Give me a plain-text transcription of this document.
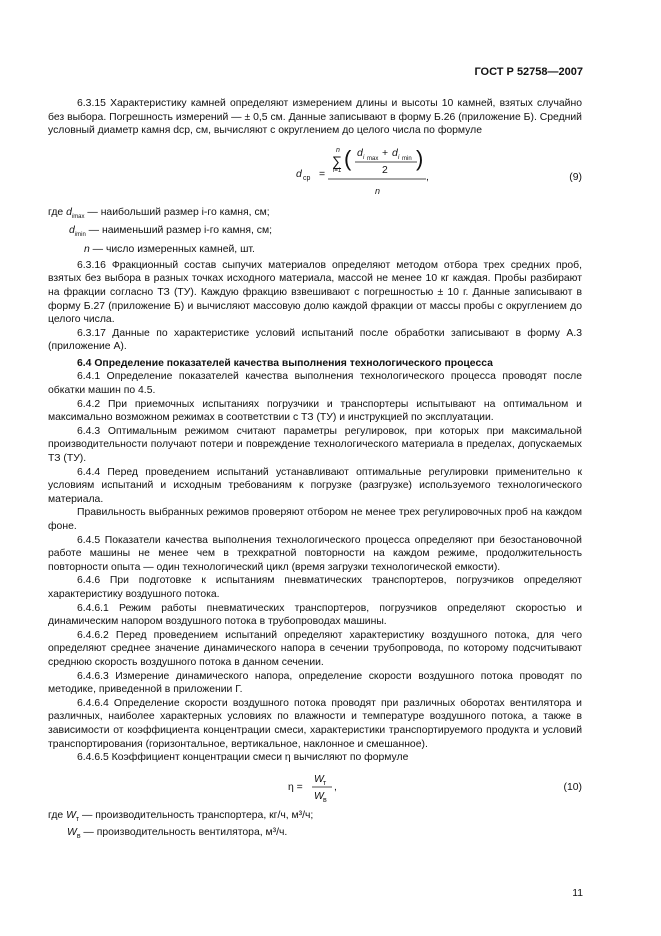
ГОСТ Р 52758—2007

6.3.15 Характеристику камней определяют измерением длины и высоты 10 камней, взятых случайно без выбора. Погрешность измерений — ± 0,5 см. Данные записывают в форму Б.26 (приложение Б). Средний условный диаметр камня dср, см, вычисляют с округлением до целого числа по формуле

d ср =
n
∑
i=1 ( d i max + d i min
2 )
n
,	(9)
где $d_{imax}$ — наибольший размер i-го камня, см;
$d_{imin}$ — наименьший размер i-го камня, см;
n — число измеренных камней, шт.

6.3.16 Фракционный состав сыпучих материалов определяют методом отбора трех средних проб, взятых без выбора в разных точках исходного материала, массой не менее 10 кг каждая. Пробы разбирают на фракции согласно ТЗ (ТУ). Каждую фракцию взвешивают с погрешностью ± 10 г. Данные записывают в форму Б.27 (приложение Б) и вычисляют массовую долю каждой фракции от массы пробы с округлением до целого числа.

6.3.17 Данные по характеристике условий испытаний после обработки записывают в форму А.3 (приложение А).

6.4 Определение показателей качества выполнения технологического процесса

6.4.1 Определение показателей качества выполнения технологического процесса проводят после обкатки машин по 4.5.

6.4.2 При приемочных испытаниях погрузчики и транспортеры испытывают на оптимальном и максимально возможном режимах в соответствии с ТЗ (ТУ) и инструкцией по эксплуатации.

6.4.3 Оптимальным режимом считают параметры регулировок, при которых при максимальной производительности получают потери и повреждение технологического материала в пределах, допускаемых ТЗ (ТУ).

6.4.4 Перед проведением испытаний устанавливают оптимальные регулировки применительно к условиям испытаний и исходным требованиям к погрузке (разгрузке) используемого технологического материала.

Правильность выбранных режимов проверяют отбором не менее трех регулировочных проб на каждом фоне.

6.4.5 Показатели качества выполнения технологического процесса определяют при безостановочной работе машины не менее чем в трехкратной повторности на каждом режиме, продолжительность повторности опыта — один технологический цикл (время загрузки технологической емкости).

6.4.6 При подготовке к испытаниям пневматических транспортеров, погрузчиков определяют характеристику воздушного потока.

6.4.6.1 Режим работы пневматических транспортеров, погрузчиков определяют скоростью и динамическим напором воздушного потока в трубопроводах машины.

6.4.6.2 Перед проведением испытаний определяют характеристику воздушного потока, для чего определяют среднее значение динамического напора в сечении трубопровода, по которому подсчитывают среднюю скорость воздушного потока в данном сечении.

6.4.6.3 Измерение динамического напора, определение скорости воздушного потока проводят по методике, приведенной в приложении Г.

6.4.6.4 Определение скорости воздушного потока проводят при различных оборотах вентилятора и различных, наиболее характерных условиях по влажности и температуре воздушного потока, а также в зависимости от коэффициента концентрации смеси, характеристики транспортируемого продукта и условий транспортирования (горизонтальное, вертикальное, наклонное и смешанное).

6.4.6.5 Коэффициент концентрации смеси η вычисляют по формуле

η =
W т
W в
,	(10)
где $W_т$ — производительность транспортера, кг/ч, м³/ч;
$W_в$ — производительность вентилятора, м³/ч.
11
